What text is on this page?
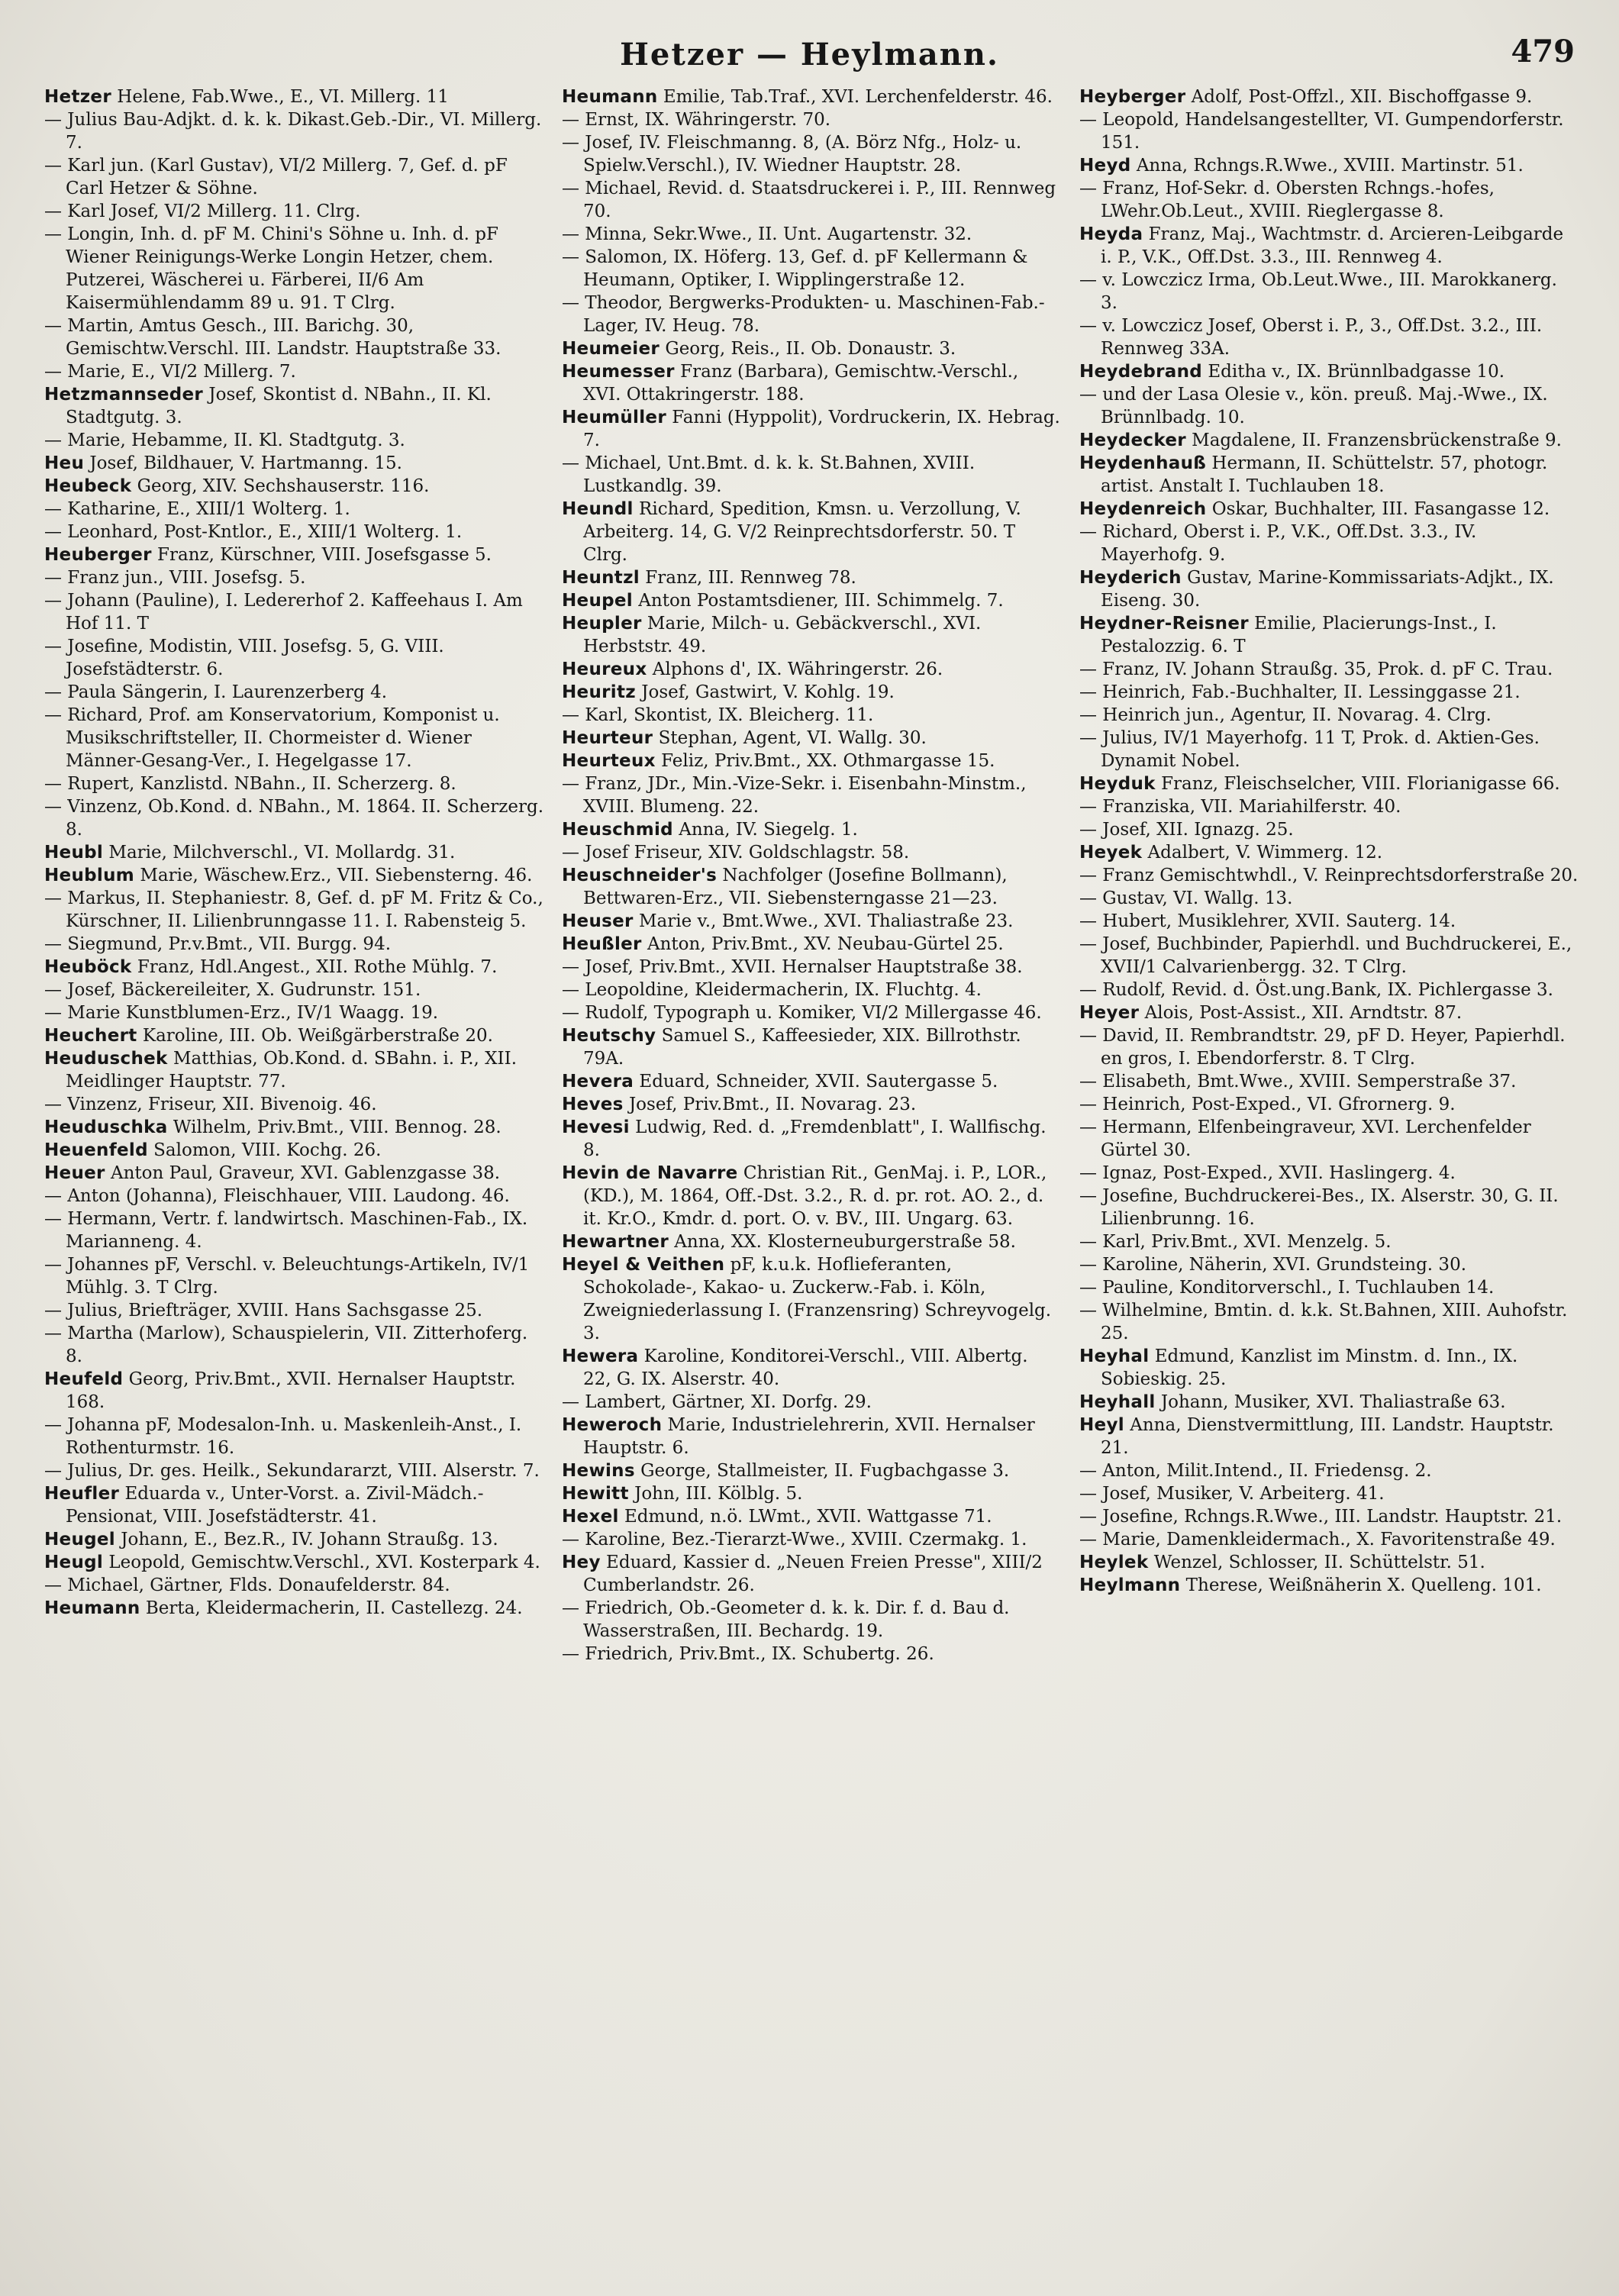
Hetzer — Heylmann.	479

Hetzer Helene, Fab.Wwe., E., VI. Millerg. 11

— Julius Bau-Adjkt. d. k. k. Dikast.Geb.-Dir., VI. Millerg. 7.

— Karl jun. (Karl Gustav), VI/2 Millerg. 7, Gef. d. pF Carl Hetzer & Söhne.

— Karl Josef, VI/2 Millerg. 11. Clrg.

— Longin, Inh. d. pF M. Chini's Söhne u. Inh. d. pF Wiener Reinigungs-Werke Longin Hetzer, chem. Putzerei, Wäscherei u. Färberei, II/6 Am Kaisermühlendamm 89 u. 91. T Clrg.

— Martin, Amtus Gesch., III. Barichg. 30, Gemischtw.Verschl. III. Landstr. Hauptstraße 33.

— Marie, E., VI/2 Millerg. 7.

Hetzmannseder Josef, Skontist d. NBahn., II. Kl. Stadtgutg. 3.

— Marie, Hebamme, II. Kl. Stadtgutg. 3.

Heu Josef, Bildhauer, V. Hartmanng. 15.

Heubeck Georg, XIV. Sechshauserstr. 116.

— Katharine, E., XIII/1 Wolterg. 1.

— Leonhard, Post-Kntlor., E., XIII/1 Wolterg. 1.

Heuberger Franz, Kürschner, VIII. Josefsgasse 5.

— Franz jun., VIII. Josefsg. 5.

— Johann (Pauline), I. Ledererhof 2. Kaffeehaus I. Am Hof 11. T

— Josefine, Modistin, VIII. Josefsg. 5, G. VIII. Josefstädterstr. 6.

— Paula Sängerin, I. Laurenzerberg 4.

— Richard, Prof. am Konservatorium, Komponist u. Musikschriftsteller, II. Chormeister d. Wiener Männer-Gesang-Ver., I. Hegelgasse 17.

— Rupert, Kanzlistd. NBahn., II. Scherzerg. 8.

— Vinzenz, Ob.Kond. d. NBahn., M. 1864. II. Scherzerg. 8.

Heubl Marie, Milchverschl., VI. Mollardg. 31.

Heublum Marie, Wäschew.Erz., VII. Siebensterng. 46.

— Markus, II. Stephaniestr. 8, Gef. d. pF M. Fritz & Co., Kürschner, II. Lilienbrunngasse 11. I. Rabensteig 5.

— Siegmund, Pr.v.Bmt., VII. Burgg. 94.

Heuböck Franz, Hdl.Angest., XII. Rothe Mühlg. 7.

— Josef, Bäckereileiter, X. Gudrunstr. 151.

— Marie Kunstblumen-Erz., IV/1 Waagg. 19.

Heuchert Karoline, III. Ob. Weißgärberstraße 20.

Heuduschek Matthias, Ob.Kond. d. SBahn. i. P., XII. Meidlinger Hauptstr. 77.

— Vinzenz, Friseur, XII. Bivenoig. 46.

Heuduschka Wilhelm, Priv.Bmt., VIII. Bennog. 28.

Heuenfeld Salomon, VIII. Kochg. 26.

Heuer Anton Paul, Graveur, XVI. Gablenzgasse 38.

— Anton (Johanna), Fleischhauer, VIII. Laudong. 46.

— Hermann, Vertr. f. landwirtsch. Maschinen-Fab., IX. Marianneng. 4.

— Johannes pF, Verschl. v. Beleuchtungs-Artikeln, IV/1 Mühlg. 3. T Clrg.

— Julius, Briefträger, XVIII. Hans Sachsgasse 25.

— Martha (Marlow), Schauspielerin, VII. Zitterhoferg. 8.

Heufeld Georg, Priv.Bmt., XVII. Hernalser Hauptstr. 168.

— Johanna pF, Modesalon-Inh. u. Maskenleih-Anst., I. Rothenturmstr. 16.

— Julius, Dr. ges. Heilk., Sekundararzt, VIII. Alserstr. 7.

Heufler Eduarda v., Unter-Vorst. a. Zivil-Mädch.-Pensionat, VIII. Josefstädterstr. 41.

Heugel Johann, E., Bez.R., IV. Johann Straußg. 13.

Heugl Leopold, Gemischtw.Verschl., XVI. Kosterpark 4.

— Michael, Gärtner, Flds. Donaufelderstr. 84.

Heumann Berta, Kleidermacherin, II. Castellezg. 24.

Heumann Emilie, Tab.Traf., XVI. Lerchenfelderstr. 46.

— Ernst, IX. Währingerstr. 70.

— Josef, IV. Fleischmanng. 8, (A. Börz Nfg., Holz- u. Spielw.Verschl.), IV. Wiedner Hauptstr. 28.

— Michael, Revid. d. Staatsdruckerei i. P., III. Rennweg 70.

— Minna, Sekr.Wwe., II. Unt. Augartenstr. 32.

— Salomon, IX. Höferg. 13, Gef. d. pF Kellermann & Heumann, Optiker, I. Wipplingerstraße 12.

— Theodor, Bergwerks-Produkten- u. Maschinen-Fab.-Lager, IV. Heug. 78.

Heumeier Georg, Reis., II. Ob. Donaustr. 3.

Heumesser Franz (Barbara), Gemischtw.-Verschl., XVI. Ottakringerstr. 188.

Heumüller Fanni (Hyppolit), Vordruckerin, IX. Hebrag. 7.

— Michael, Unt.Bmt. d. k. k. St.Bahnen, XVIII. Lustkandlg. 39.

Heundl Richard, Spedition, Kmsn. u. Verzollung, V. Arbeiterg. 14, G. V/2 Reinprechtsdorferstr. 50. T Clrg.

Heuntzl Franz, III. Rennweg 78.

Heupel Anton Postamtsdiener, III. Schimmelg. 7.

Heupler Marie, Milch- u. Gebäckverschl., XVI. Herbststr. 49.

Heureux Alphons d', IX. Währingerstr. 26.

Heuritz Josef, Gastwirt, V. Kohlg. 19.

— Karl, Skontist, IX. Bleicherg. 11.

Heurteur Stephan, Agent, VI. Wallg. 30.

Heurteux Feliz, Priv.Bmt., XX. Othmargasse 15.

— Franz, JDr., Min.-Vize-Sekr. i. Eisenbahn-Minstm., XVIII. Blumeng. 22.

Heuschmid Anna, IV. Siegelg. 1.

— Josef Friseur, XIV. Goldschlagstr. 58.

Heuschneider's Nachfolger (Josefine Bollmann), Bettwaren-Erz., VII. Siebensterngasse 21—23.

Heuser Marie v., Bmt.Wwe., XVI. Thaliastraße 23.

Heußler Anton, Priv.Bmt., XV. Neubau-Gürtel 25.

— Josef, Priv.Bmt., XVII. Hernalser Hauptstraße 38.

— Leopoldine, Kleidermacherin, IX. Fluchtg. 4.

— Rudolf, Typograph u. Komiker, VI/2 Millergasse 46.

Heutschy Samuel S., Kaffeesieder, XIX. Billrothstr. 79A.

Hevera Eduard, Schneider, XVII. Sautergasse 5.

Heves Josef, Priv.Bmt., II. Novarag. 23.

Hevesi Ludwig, Red. d. „Fremdenblatt", I. Wallfischg. 8.

Hevin de Navarre Christian Rit., GenMaj. i. P., LOR., (KD.), M. 1864, Off.-Dst. 3.2., R. d. pr. rot. AO. 2., d. it. Kr.O., Kmdr. d. port. O. v. BV., III. Ungarg. 63.

Hewartner Anna, XX. Klosterneuburgerstraße 58.

Heyel & Veithen pF, k.u.k. Hoflieferanten, Schokolade-, Kakao- u. Zuckerw.-Fab. i. Köln, Zweigniederlassung I. (Franzensring) Schreyvogelg. 3.

Hewera Karoline, Konditorei-Verschl., VIII. Albertg. 22, G. IX. Alserstr. 40.

— Lambert, Gärtner, XI. Dorfg. 29.

Heweroch Marie, Industrielehrerin, XVII. Hernalser Hauptstr. 6.

Hewins George, Stallmeister, II. Fugbachgasse 3.

Hewitt John, III. Kölblg. 5.

Hexel Edmund, n.ö. LWmt., XVII. Wattgasse 71.

— Karoline, Bez.-Tierarzt-Wwe., XVIII. Czermakg. 1.

Hey Eduard, Kassier d. „Neuen Freien Presse", XIII/2 Cumberlandstr. 26.

— Friedrich, Ob.-Geometer d. k. k. Dir. f. d. Bau d. Wasserstraßen, III. Bechardg. 19.

— Friedrich, Priv.Bmt., IX. Schubertg. 26.

Heyberger Adolf, Post-Offzl., XII. Bischoffgasse 9.

— Leopold, Handelsangestellter, VI. Gumpendorferstr. 151.

Heyd Anna, Rchngs.R.Wwe., XVIII. Martinstr. 51.

— Franz, Hof-Sekr. d. Obersten Rchngs.-hofes, LWehr.Ob.Leut., XVIII. Rieglergasse 8.

Heyda Franz, Maj., Wachtmstr. d. Arcieren-Leibgarde i. P., V.K., Off.Dst. 3.3., III. Rennweg 4.

— v. Lowczicz Irma, Ob.Leut.Wwe., III. Marokkanerg. 3.

— v. Lowczicz Josef, Oberst i. P., 3., Off.Dst. 3.2., III. Rennweg 33A.

Heydebrand Editha v., IX. Brünnlbadgasse 10.

— und der Lasa Olesie v., kön. preuß. Maj.-Wwe., IX. Brünnlbadg. 10.

Heydecker Magdalene, II. Franzensbrückenstraße 9.

Heydenhauß Hermann, II. Schüttelstr. 57, photogr. artist. Anstalt I. Tuchlauben 18.

Heydenreich Oskar, Buchhalter, III. Fasangasse 12.

— Richard, Oberst i. P., V.K., Off.Dst. 3.3., IV. Mayerhofg. 9.

Heyderich Gustav, Marine-Kommissariats-Adjkt., IX. Eiseng. 30.

Heydner-Reisner Emilie, Placierungs-Inst., I. Pestalozzig. 6. T

— Franz, IV. Johann Straußg. 35, Prok. d. pF C. Trau.

— Heinrich, Fab.-Buchhalter, II. Lessinggasse 21.

— Heinrich jun., Agentur, II. Novarag. 4. Clrg.

— Julius, IV/1 Mayerhofg. 11 T, Prok. d. Aktien-Ges. Dynamit Nobel.

Heyduk Franz, Fleischselcher, VIII. Florianigasse 66.

— Franziska, VII. Mariahilferstr. 40.

— Josef, XII. Ignazg. 25.

Heyek Adalbert, V. Wimmerg. 12.

— Franz Gemischtwhdl., V. Reinprechtsdorferstraße 20.

— Gustav, VI. Wallg. 13.

— Hubert, Musiklehrer, XVII. Sauterg. 14.

— Josef, Buchbinder, Papierhdl. und Buchdruckerei, E., XVII/1 Calvarienbergg. 32. T Clrg.

— Rudolf, Revid. d. Öst.ung.Bank, IX. Pichlergasse 3.

Heyer Alois, Post-Assist., XII. Arndtstr. 87.

— David, II. Rembrandtstr. 29, pF D. Heyer, Papierhdl. en gros, I. Ebendorferstr. 8. T Clrg.

— Elisabeth, Bmt.Wwe., XVIII. Semperstraße 37.

— Heinrich, Post-Exped., VI. Gfrornerg. 9.

— Hermann, Elfenbeingraveur, XVI. Lerchenfelder Gürtel 30.

— Ignaz, Post-Exped., XVII. Haslingerg. 4.

— Josefine, Buchdruckerei-Bes., IX. Alserstr. 30, G. II. Lilienbrunng. 16.

— Karl, Priv.Bmt., XVI. Menzelg. 5.

— Karoline, Näherin, XVI. Grundsteing. 30.

— Pauline, Konditorverschl., I. Tuchlauben 14.

— Wilhelmine, Bmtin. d. k.k. St.Bahnen, XIII. Auhofstr. 25.

Heyhal Edmund, Kanzlist im Minstm. d. Inn., IX. Sobieskig. 25.

Heyhall Johann, Musiker, XVI. Thaliastraße 63.

Heyl Anna, Dienstvermittlung, III. Landstr. Hauptstr. 21.

— Anton, Milit.Intend., II. Friedensg. 2.

— Josef, Musiker, V. Arbeiterg. 41.

— Josefine, Rchngs.R.Wwe., III. Landstr. Hauptstr. 21.

— Marie, Damenkleidermach., X. Favoritenstraße 49.

Heylek Wenzel, Schlosser, II. Schüttelstr. 51.

Heylmann Therese, Weißnäherin X. Quelleng. 101.
